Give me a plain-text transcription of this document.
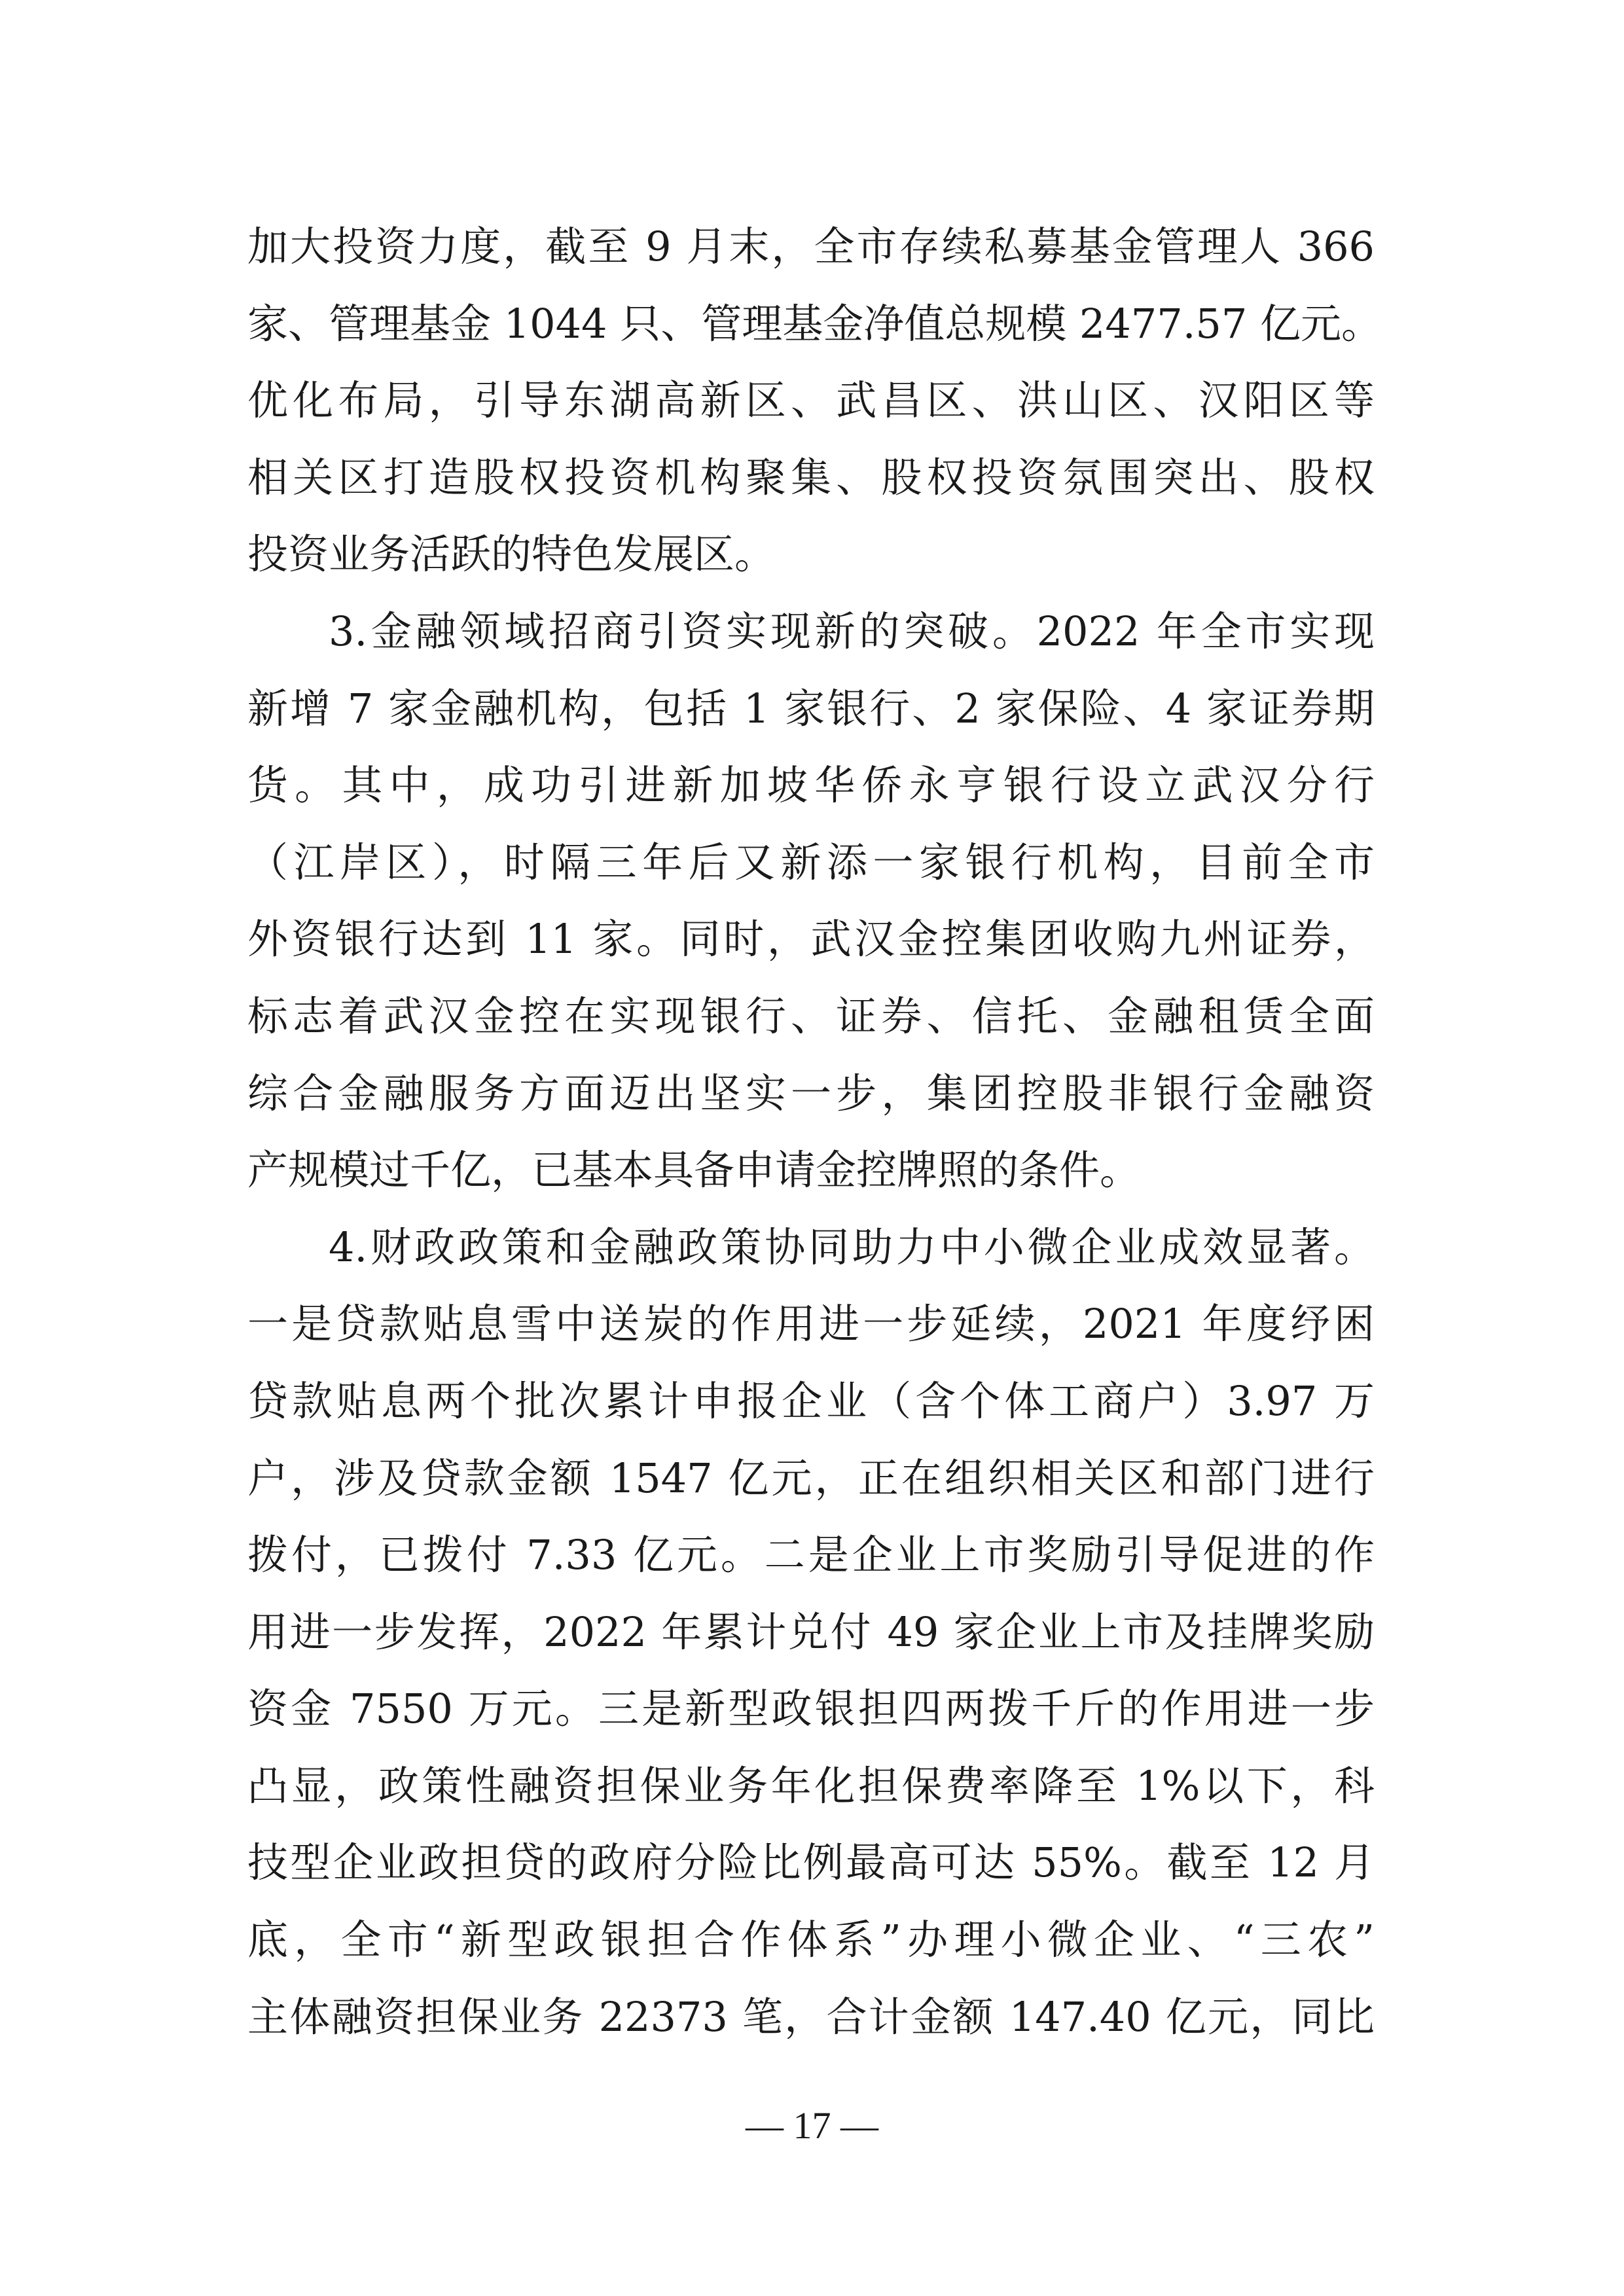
加大投资力度，截至 9 月末，全市存续私募基金管理人 366
家、管理基金 1044 只、管理基金净值总规模 2477.57 亿元。
优化布局，引导东湖高新区、武昌区、洪山区、汉阳区等
相关区打造股权投资机构聚集、股权投资氛围突出、股权
投资业务活跃的特色发展区。
3.金融领域招商引资实现新的突破。2022 年全市实现
新增 7 家金融机构，包括 1 家银行、2 家保险、4 家证券期
货。其中，成功引进新加坡华侨永亨银行设立武汉分行
（江岸区），时隔三年后又新添一家银行机构，目前全市
外资银行达到 11 家。同时，武汉金控集团收购九州证券，
标志着武汉金控在实现银行、证券、信托、金融租赁全面
综合金融服务方面迈出坚实一步，集团控股非银行金融资
产规模过千亿，已基本具备申请金控牌照的条件。
4.财政政策和金融政策协同助力中小微企业成效显著。
一是贷款贴息雪中送炭的作用进一步延续，2021 年度纾困
贷款贴息两个批次累计申报企业（含个体工商户）3.97 万
户，涉及贷款金额 1547 亿元，正在组织相关区和部门进行
拨付，已拨付 7.33 亿元。二是企业上市奖励引导促进的作
用进一步发挥，2022 年累计兑付 49 家企业上市及挂牌奖励
资金 7550 万元。三是新型政银担四两拨千斤的作用进一步
凸显，政策性融资担保业务年化担保费率降至 1%以下，科
技型企业政担贷的政府分险比例最高可达 55%。截至 12 月
底，全市“新型政银担合作体系”办理小微企业、“三农”
主体融资担保业务 22373 笔，合计金额 147.40 亿元，同比
— 17 —
